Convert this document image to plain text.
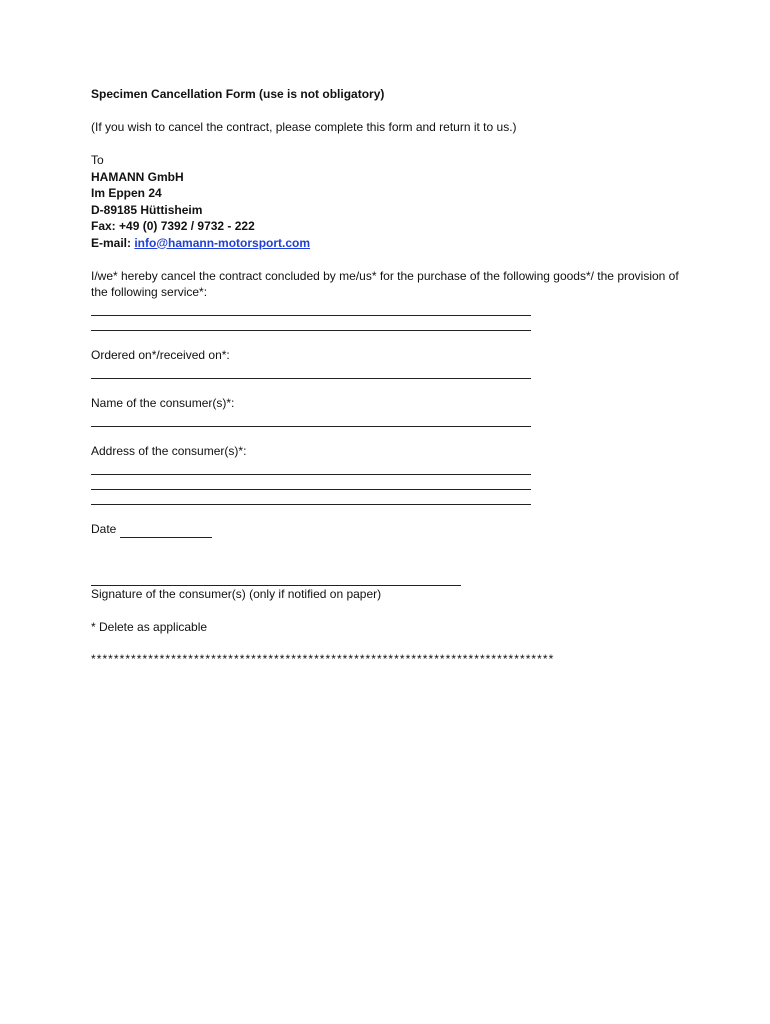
Specimen Cancellation Form (use is not obligatory)
(If you wish to cancel the contract, please complete this form and return it to us.)
To
HAMANN GmbH
Im Eppen 24
D-89185 Hüttisheim
Fax: +49 (0) 7392 / 9732 - 222
E-mail: info@hamann-motorsport.com
I/we* hereby cancel the contract concluded by me/us* for the purchase of the following goods*/ the provision of the following service*:
Ordered on*/received on*:
Name of the consumer(s)*:
Address of the consumer(s)*:
Date
Signature of the consumer(s) (only if notified on paper)
* Delete as applicable
*********************************************************************************
